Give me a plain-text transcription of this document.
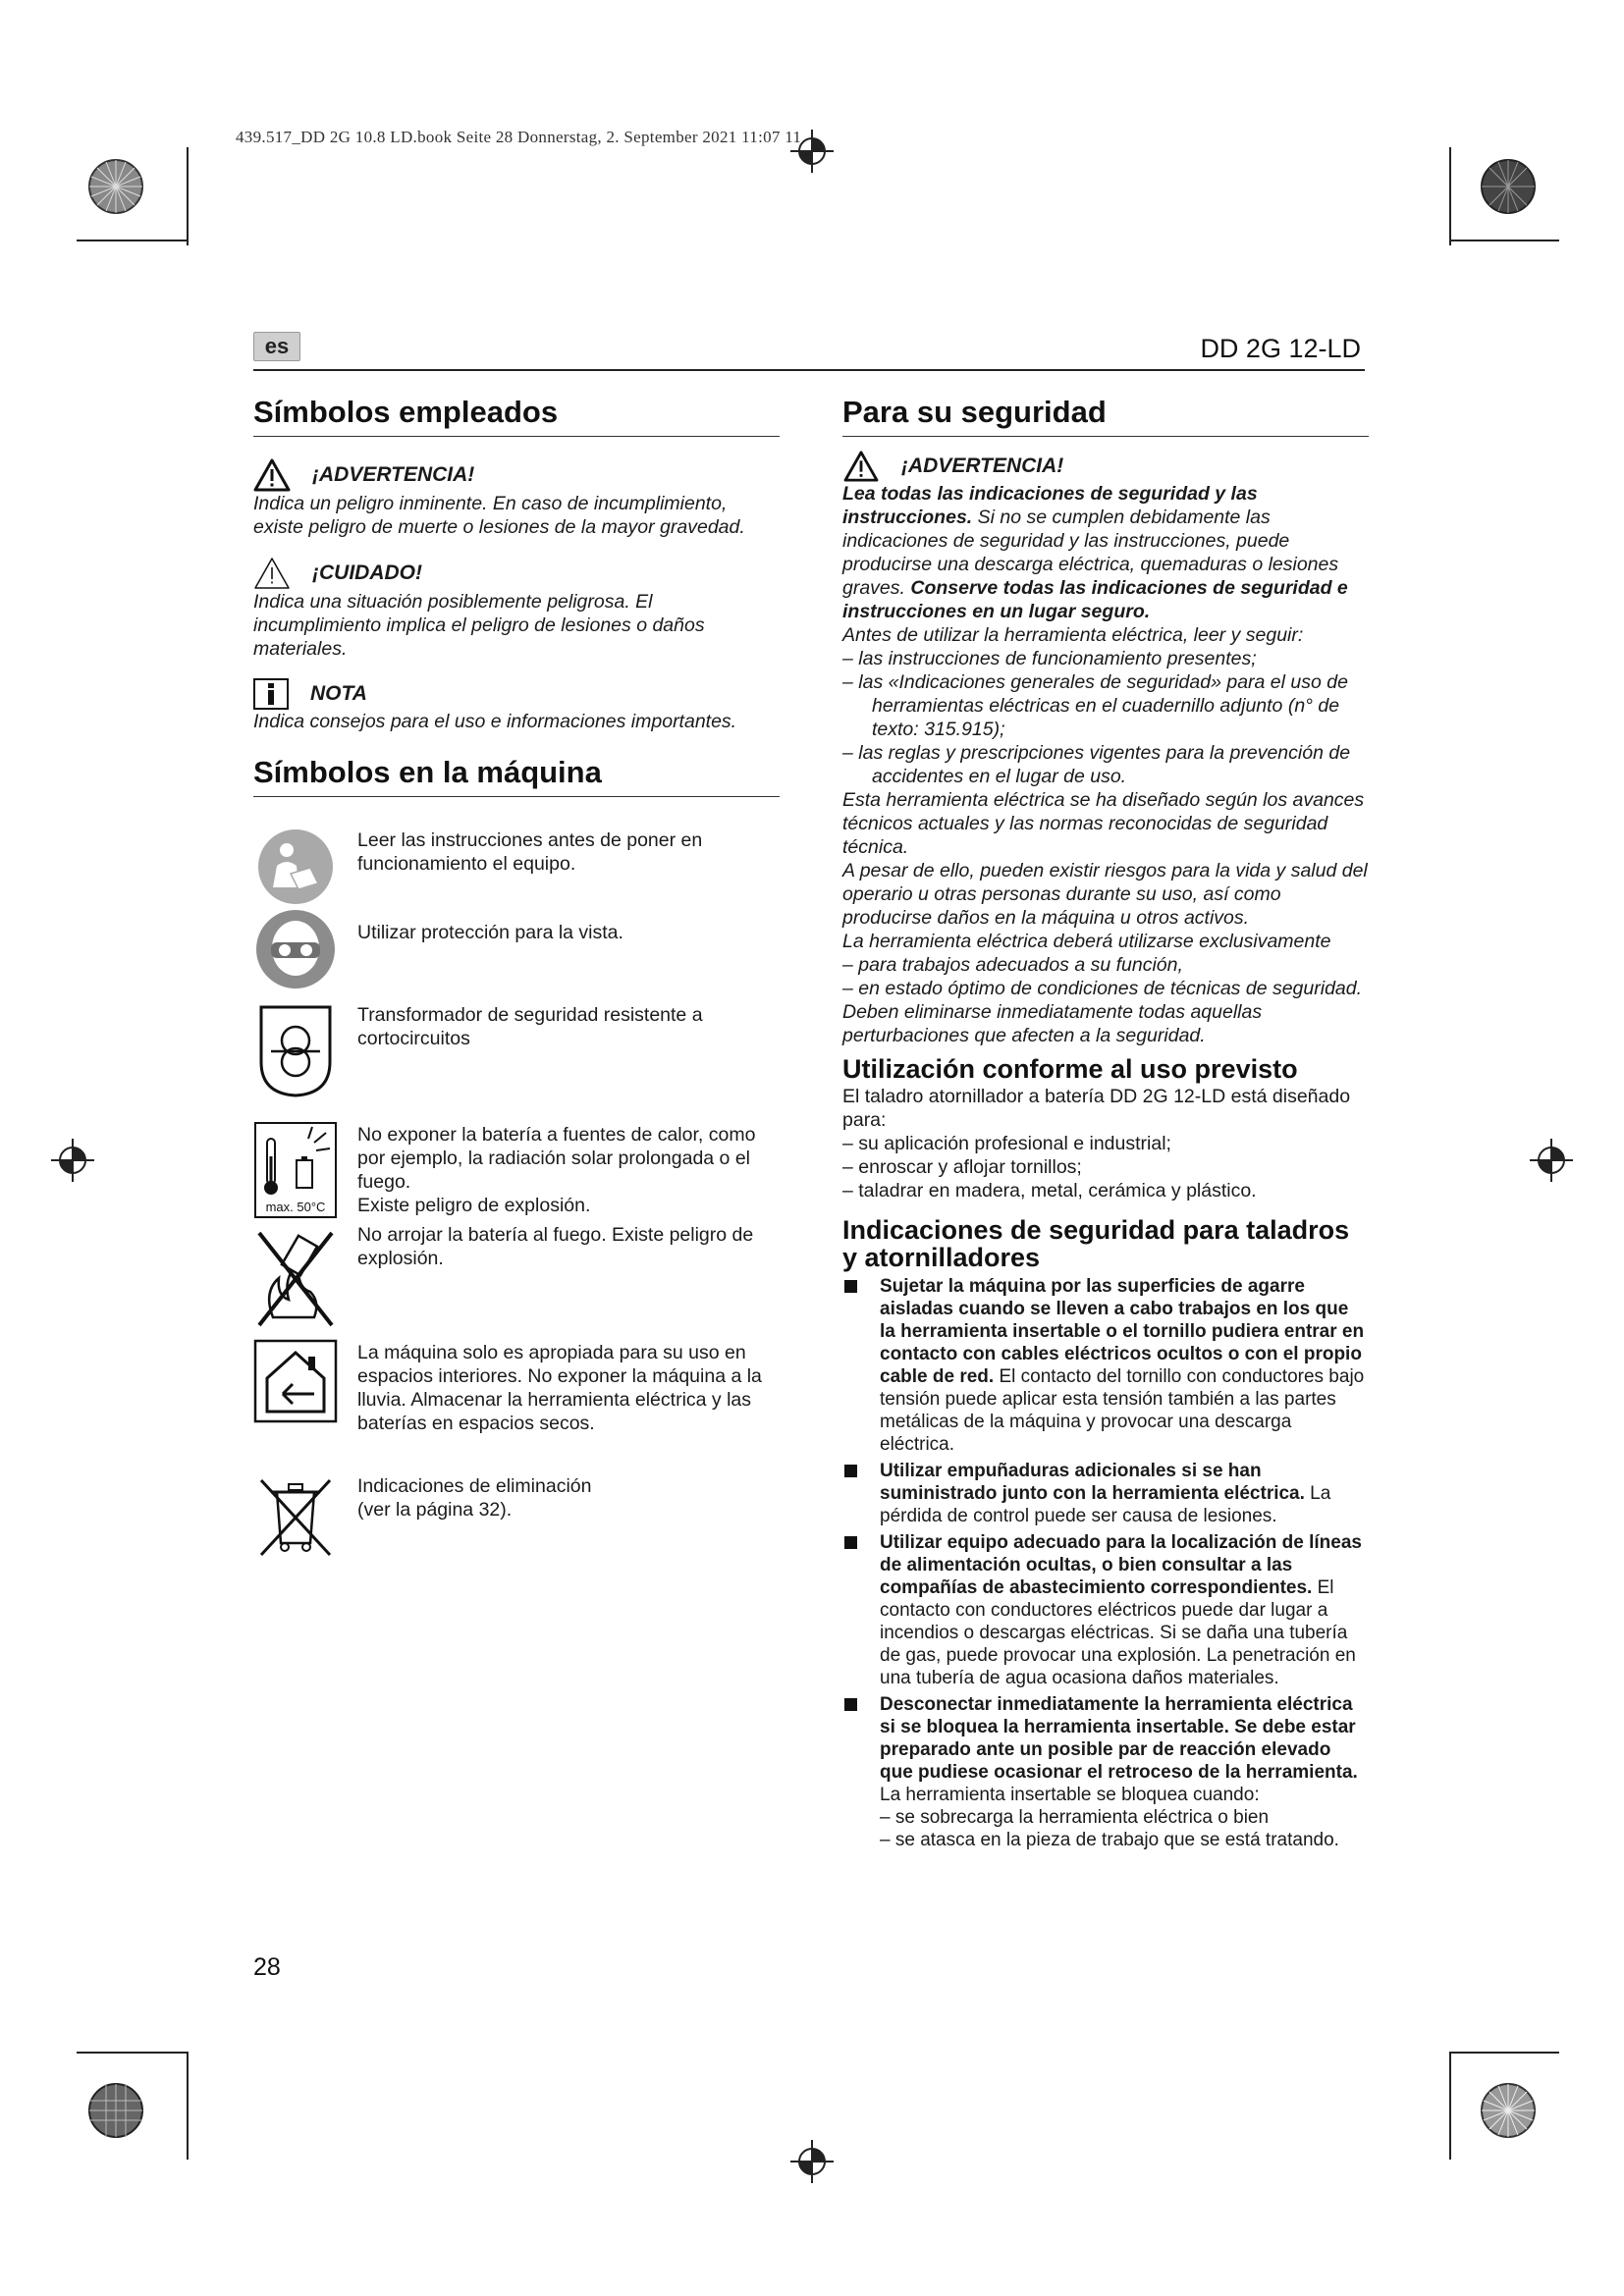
439.517_DD 2G 10.8 LD.book Seite 28 Donnerstag, 2. September 2021 11:07 11
es	DD 2G 12-LD
Símbolos empleados
¡ADVERTENCIA!

Indica un peligro inminente. En caso de incumplimiento, existe peligro de muerte o lesiones de la mayor gravedad.

¡CUIDADO!

Indica una situación posiblemente peligrosa. El incumplimiento implica el peligro de lesiones o daños materiales.

NOTA

Indica consejos para el uso e informaciones importantes.

Símbolos en la máquina
Leer las instrucciones antes de poner en funcionamiento el equipo.
Utilizar protección para la vista.
Transformador de seguridad resistente a cortocircuitos
max. 50°C
No exponer la batería a fuentes de calor, como por ejemplo, la radiación solar prolongada o el fuego.
Existe peligro de explosión.
No arrojar la batería al fuego. Existe peligro de explosión.
La máquina solo es apropiada para su uso en espacios interiores. No exponer la máquina a la lluvia. Almacenar la herramienta eléctrica y las baterías en espacios secos.
Indicaciones de eliminación
(ver la página 32).
Para su seguridad
¡ADVERTENCIA!

Lea todas las indicaciones de seguridad y las instrucciones. Si no se cumplen debidamente las indicaciones de seguridad y las instrucciones, puede producirse una descarga eléctrica, quemaduras o lesiones graves. Conserve todas las indicaciones de seguridad e instrucciones en un lugar seguro.

Antes de utilizar la herramienta eléctrica, leer y seguir:

– las instrucciones de funcionamiento presentes;
– las «Indicaciones generales de seguridad» para el uso de herramientas eléctricas en el cuadernillo adjunto (n° de texto: 315.915);
– las reglas y prescripciones vigentes para la prevención de accidentes en el lugar de uso.

Esta herramienta eléctrica se ha diseñado según los avances técnicos actuales y las normas reconocidas de seguridad técnica.

A pesar de ello, pueden existir riesgos para la vida y salud del operario u otras personas durante su uso, así como producirse daños en la máquina u otros activos.

La herramienta eléctrica deberá utilizarse exclusivamente

– para trabajos adecuados a su función,
– en estado óptimo de condiciones de técnicas de seguridad.

Deben eliminarse inmediatamente todas aquellas perturbaciones que afecten a la seguridad.

Utilización conforme al uso previsto

El taladro atornillador a batería DD 2G 12-LD está diseñado para:

– su aplicación profesional e industrial;
– enroscar y aflojar tornillos;
– taladrar en madera, metal, cerámica y plástico.
Indicaciones de seguridad para taladros y atornilladores
Sujetar la máquina por las superficies de agarre aisladas cuando se lleven a cabo trabajos en los que la herramienta insertable o el tornillo pudiera entrar en contacto con cables eléctricos ocultos o con el propio cable de red. El contacto del tornillo con conductores bajo tensión puede aplicar esta tensión también a las partes metálicas de la máquina y provocar una descarga eléctrica.
Utilizar empuñaduras adicionales si se han suministrado junto con la herramienta eléctrica. La pérdida de control puede ser causa de lesiones.
Utilizar equipo adecuado para la localización de líneas de alimentación ocultas, o bien consultar a las compañías de abastecimiento correspondientes. El contacto con conductores eléctricos puede dar lugar a incendios o descargas eléctricas. Si se daña una tubería de gas, puede provocar una explosión. La penetración en una tubería de agua ocasiona daños materiales.
Desconectar inmediatamente la herramienta eléctrica si se bloquea la herramienta insertable. Se debe estar preparado ante un posible par de reacción elevado que pudiese ocasionar el retroceso de la herramienta. La herramienta insertable se bloquea cuando:
– se sobrecarga la herramienta eléctrica o bien
– se atasca en la pieza de trabajo que se está tratando.
28
